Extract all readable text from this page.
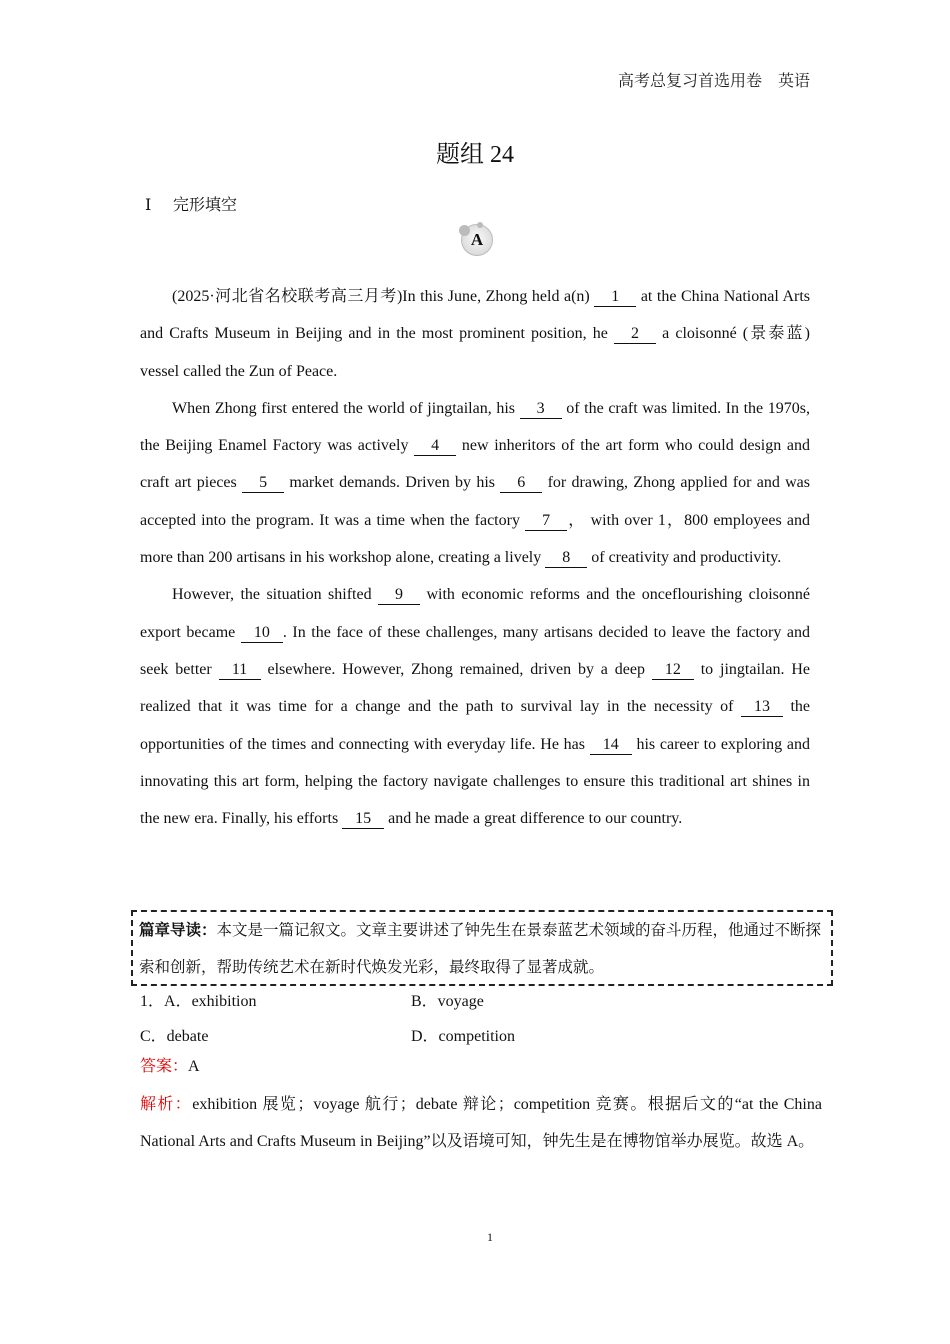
高考总复习首选用卷　英语
题组 24
Ⅰ 完形填空
A

(2025·河北省名校联考高三月考)In this June, Zhong held a(n) 1 at the China National Arts and Crafts Museum in Beijing and in the most prominent position, he 2 a cloisonné (景泰蓝) vessel called the Zun of Peace.

When Zhong first entered the world of jingtailan, his 3 of the craft was limited. In the 1970s, the Beijing Enamel Factory was actively 4 new inheritors of the art form who could design and craft art pieces 5 market demands. Driven by his 6 for drawing, Zhong applied for and was accepted into the program. It was a time when the factory 7 ， with over 1，800 employees and more than 200 artisans in his workshop alone, creating a lively 8 of creativity and productivity.

However, the situation shifted 9 with economic reforms and the onceflourishing cloisonné export became 10 . In the face of these challenges, many artisans decided to leave the factory and seek better 11 elsewhere. However, Zhong remained, driven by a deep 12 to jingtailan. He realized that it was time for a change and the path to survival lay in the necessity of 13 the opportunities of the times and connecting with everyday life. He has 14 his career to exploring and innovating this art form, helping the factory navigate challenges to ensure this traditional art shines in the new era. Finally, his efforts 15 and he made a great difference to our country.

篇章导读：本文是一篇记叙文。文章主要讲述了钟先生在景泰蓝艺术领域的奋斗历程，他通过不断探索和创新，帮助传统艺术在新时代焕发光彩，最终取得了显著成就。
1．A．exhibition	B．voyage
C．debate	D．competition
答案：A
解析：exhibition 展览；voyage 航行；debate 辩论；competition 竞赛。根据后文的“at the China National Arts and Crafts Museum in Beijing”以及语境可知，钟先生是在博物馆举办展览。故选 A。
1
